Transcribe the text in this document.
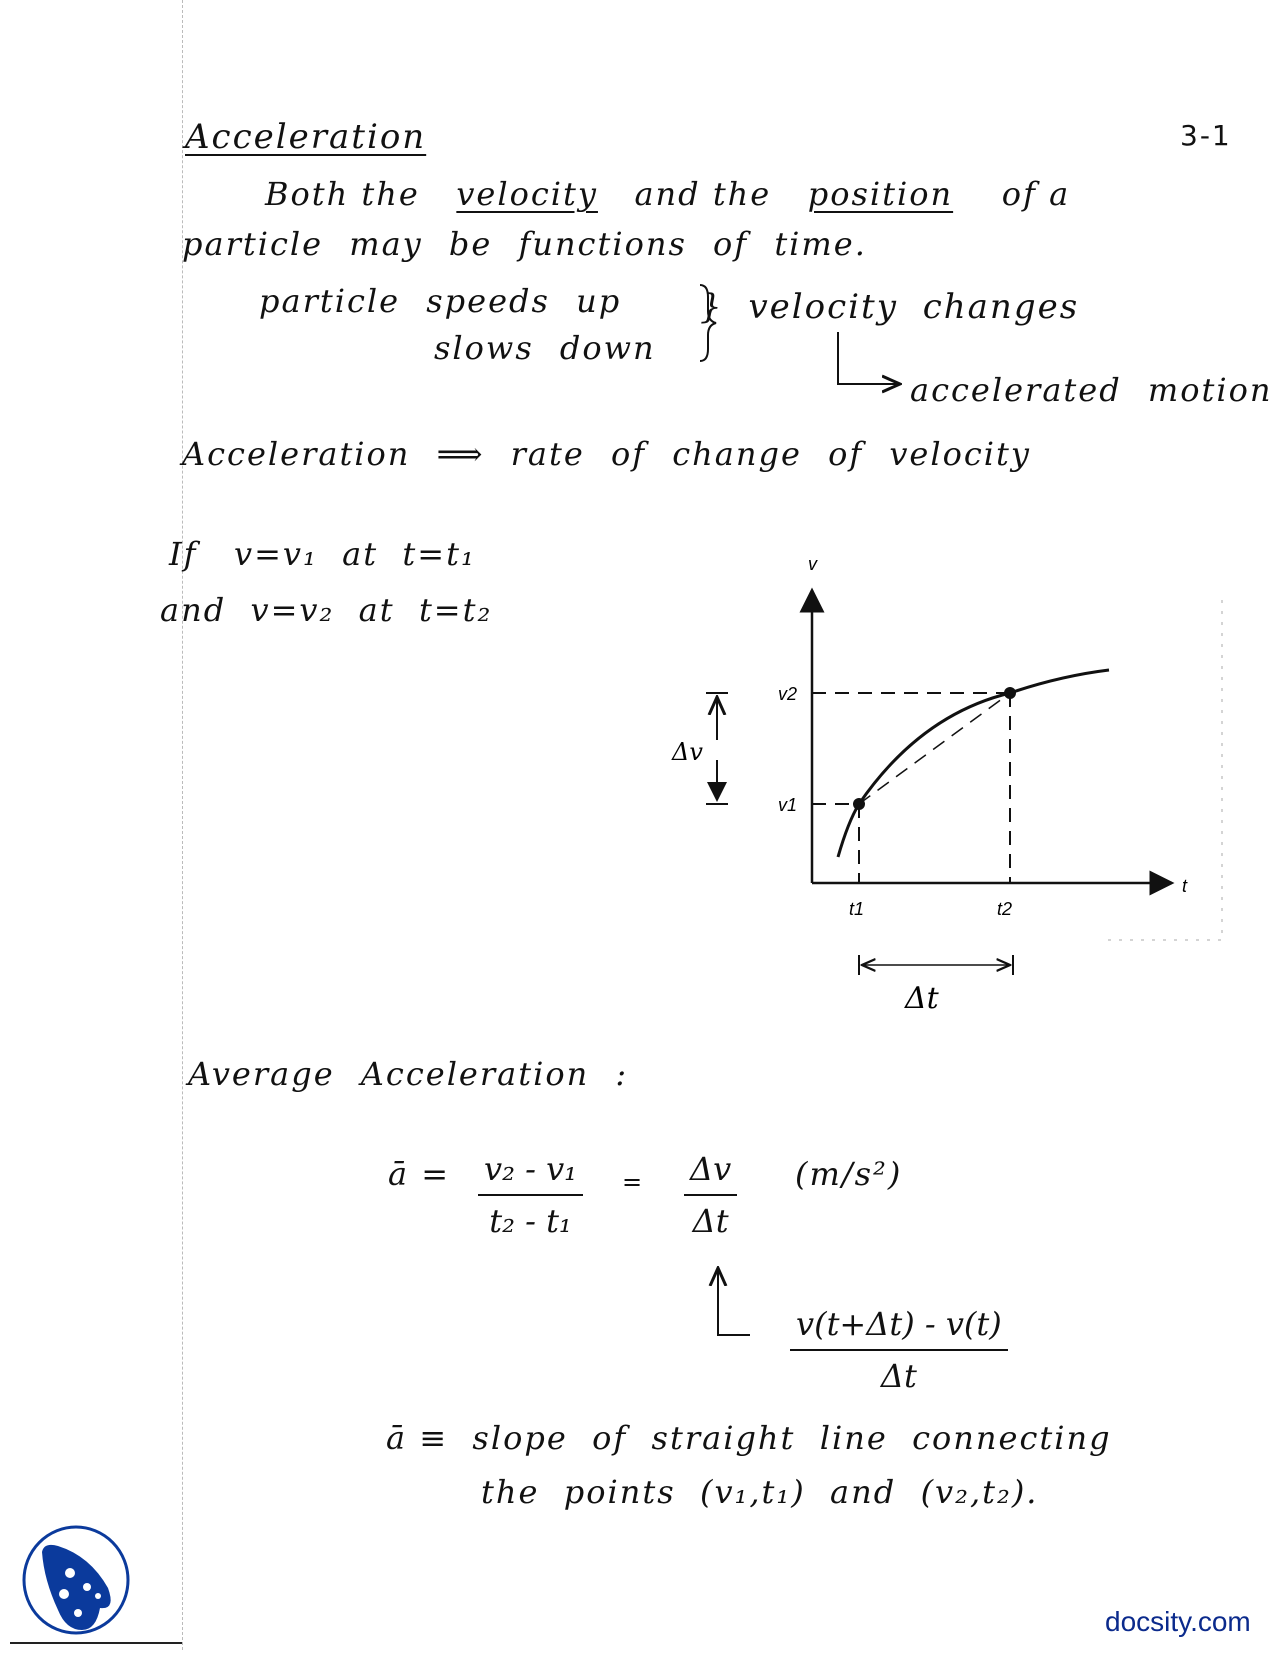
Acceleration	3-1
Both the velocity and the position of a
particle may be functions of time.
particle speeds up
slows down
} velocity changes
accelerated motion
Acceleration ⟹ rate of change of velocity
If   v=v₁  at  t=t₁
and  v=v₂  at  t=t₂
Average Acceleration :
ā = $\frac{\text{v₂ - v₁}}{\text{t₂ - t₁}} = \frac{\Delta v}{\Delta t} (m/s^2)$
$\frac{v(t+\Delta t) - v(t)}{\Delta t}$
ā ≡  slope  of  straight  line  connecting
the  points  (v₁,t₁)  and  (v₂,t₂).
v
t
v2
v1
t1	t2
Δv
Δt
docsity.com
